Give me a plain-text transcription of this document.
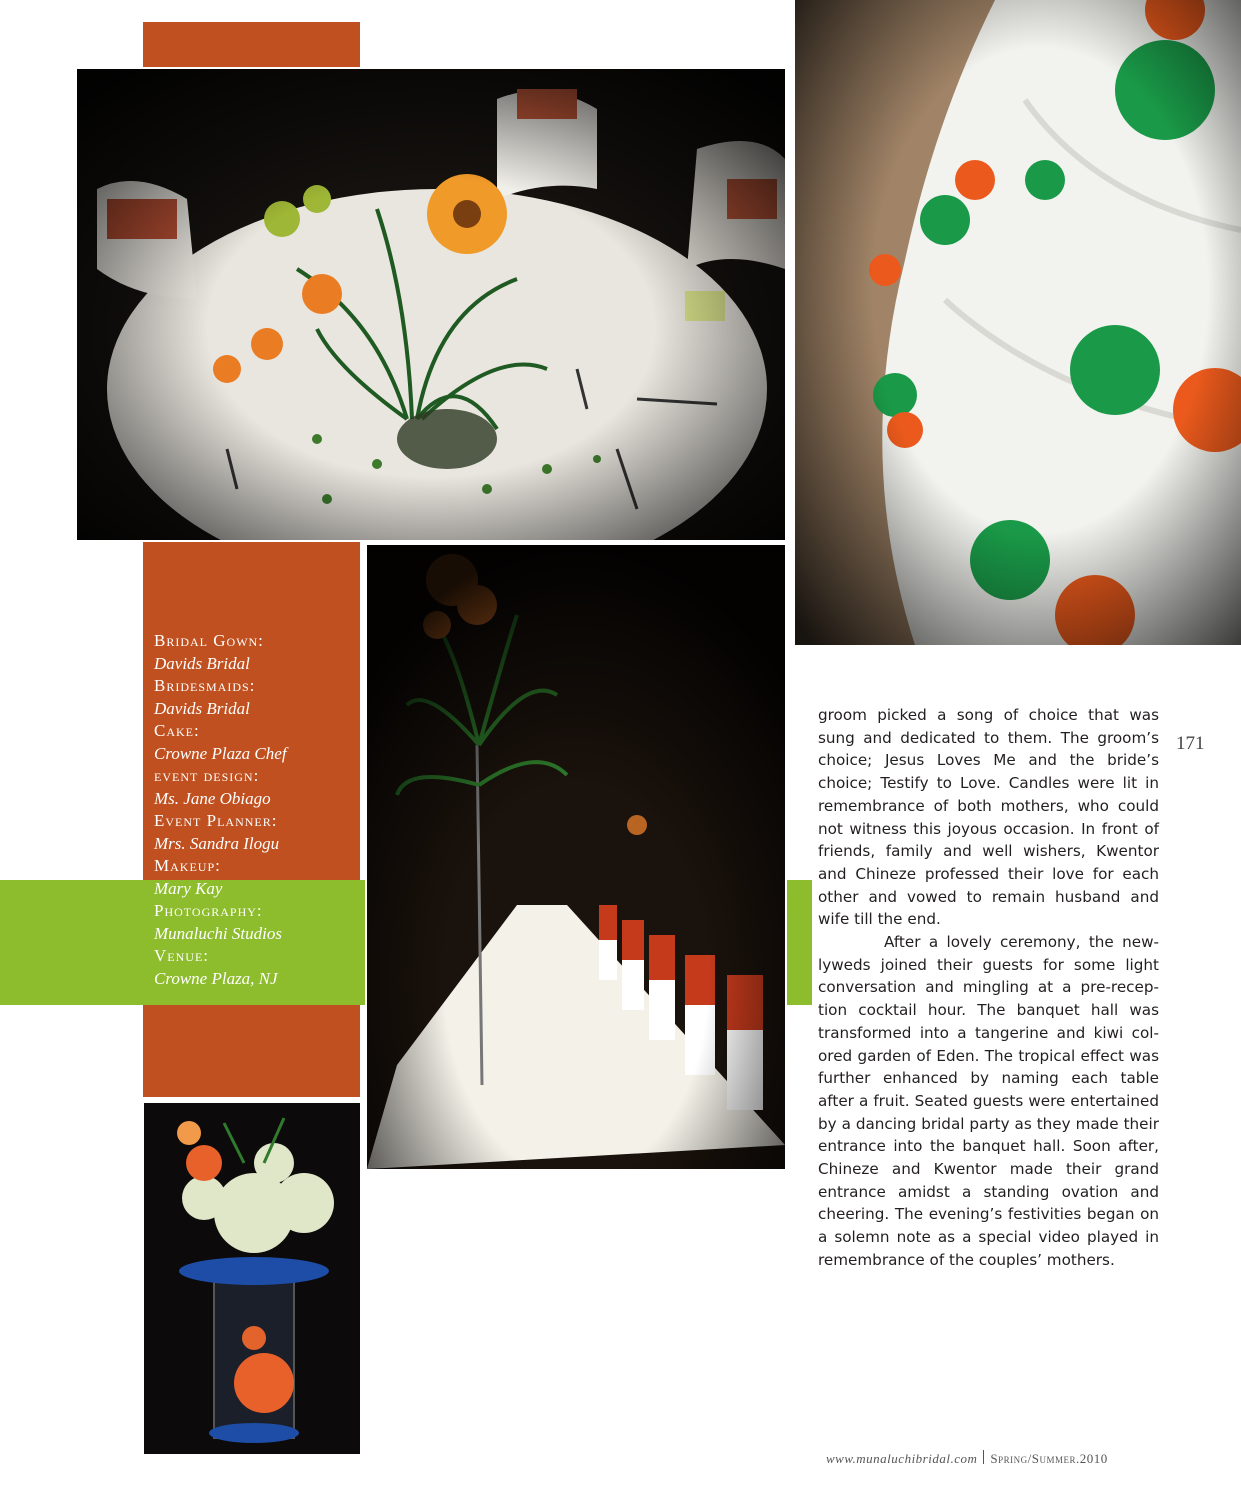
Bridal Gown:
Davids Bridal
Bridesmaids:
Davids Bridal
Cake:
Crowne Plaza Chef
event design:
Ms. Jane Obiago
Event Planner:
Mrs. Sandra Ilogu
Makeup:
Mary Kay
Photography:
Munaluchi Studios
Venue:
Crowne Plaza, NJ

groom picked a song of choice that was sung and dedicated to them. The groom’s choice; Jesus Loves Me and the bride’s choice; Testify to Love. Candles were lit in remembrance of both mothers, who could not witness this joyous occasion. In front of friends, family and well wishers, Kwentor and Chineze professed their love for each other and vowed to remain husband and wife till the end.

After a lovely ceremony, the newlyweds joined their guests for some light conversation and mingling at a pre-reception cocktail hour. The banquet hall was transformed into a tangerine and kiwi colored garden of Eden. The tropical effect was further enhanced by naming each table after a fruit. Seated guests were entertained by a dancing bridal party as they made their entrance into the banquet hall. Soon after, Chineze and Kwentor made their grand entrance amidst a standing ovation and cheering. The evening’s festivities began on a solemn note as a special video played in remembrance of the couples’ mothers.

171
www.munaluchibridal.com Spring/Summer.2010
